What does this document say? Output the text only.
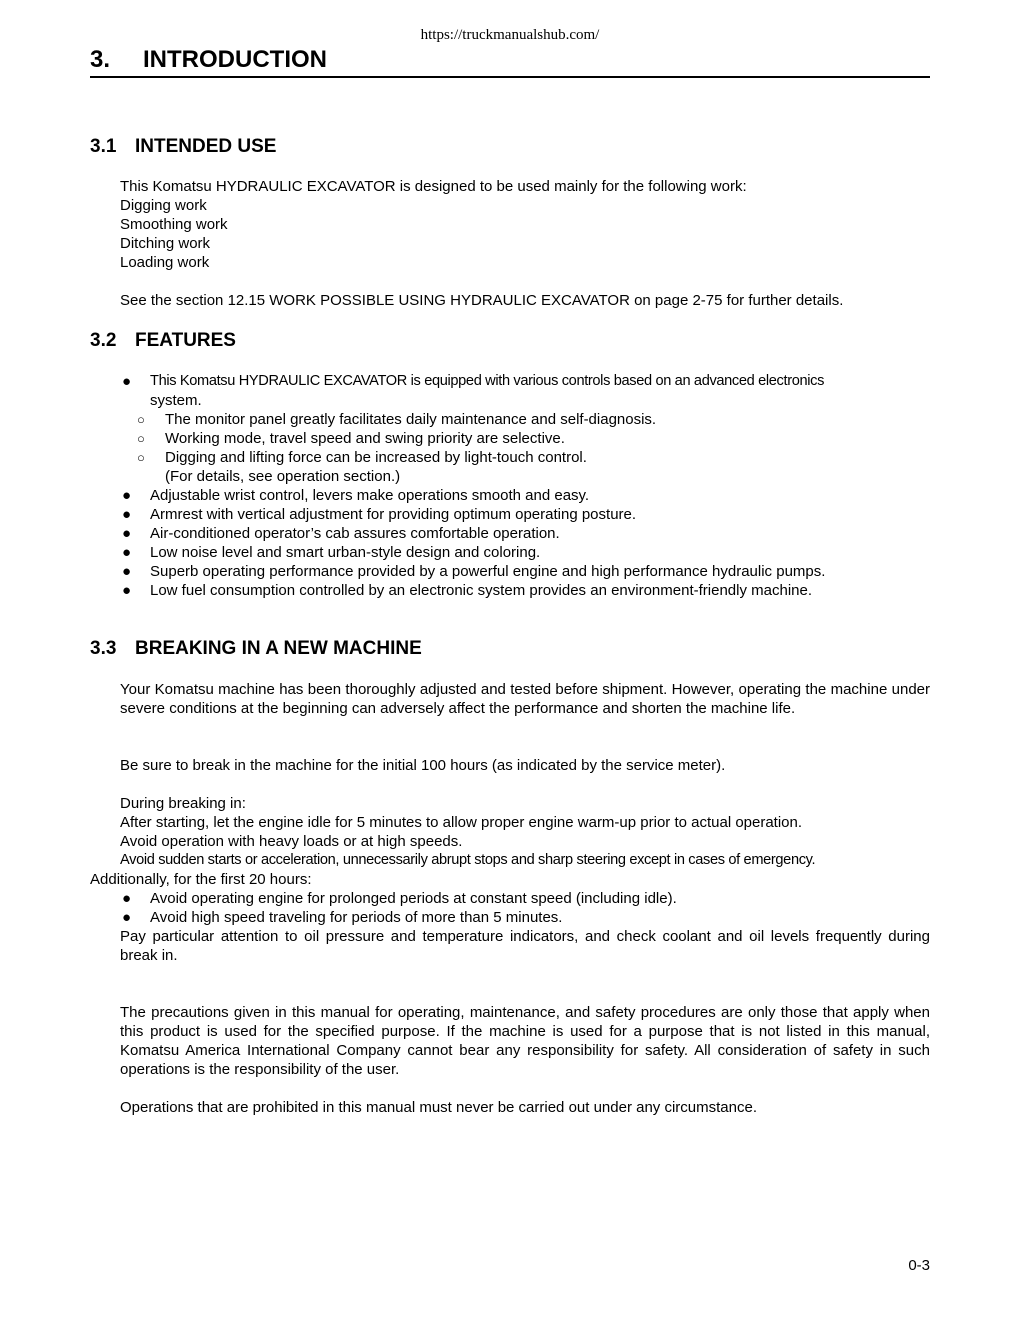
https://truckmanualshub.com/
3. INTRODUCTION
3.1 INTENDED USE
This Komatsu HYDRAULIC EXCAVATOR is designed to be used mainly for the following work:
Digging work
Smoothing work
Ditching work
Loading work
See the section 12.15 WORK POSSIBLE USING HYDRAULIC EXCAVATOR on page 2-75 for further details.
3.2 FEATURES
● This Komatsu HYDRAULIC EXCAVATOR is equipped with various controls based on an advanced electronics
system.
○ The monitor panel greatly facilitates daily maintenance and self-diagnosis.
○ Working mode, travel speed and swing priority are selective.
○ Digging and lifting force can be increased by light-touch control.
(For details, see operation section.)
● Adjustable wrist control, levers make operations smooth and easy.
● Armrest with vertical adjustment for providing optimum operating posture.
● Air-conditioned operator’s cab assures comfortable operation.
● Low noise level and smart urban-style design and coloring.
● Superb operating performance provided by a powerful engine and high performance hydraulic pumps.
● Low fuel consumption controlled by an electronic system provides an environment-friendly machine.
3.3 BREAKING IN A NEW MACHINE
Your Komatsu machine has been thoroughly adjusted and tested before shipment. However, operating the machine under severe conditions at the beginning can adversely affect the performance and shorten the machine life.
Be sure to break in the machine for the initial 100 hours (as indicated by the service meter).
During breaking in:
After starting, let the engine idle for 5 minutes to allow proper engine warm-up prior to actual operation.
Avoid operation with heavy loads or at high speeds.
Avoid sudden starts or acceleration, unnecessarily abrupt stops and sharp steering except in cases of emergency.
Additionally, for the first 20 hours:
● Avoid operating engine for prolonged periods at constant speed (including idle).
● Avoid high speed traveling for periods of more than 5 minutes.
Pay particular attention to oil pressure and temperature indicators, and check coolant and oil levels frequently during break in.
The precautions given in this manual for operating, maintenance, and safety procedures are only those that apply when this product is used for the specified purpose. If the machine is used for a purpose that is not listed in this manual, Komatsu America International Company cannot bear any responsibility for safety. All consideration of safety in such operations is the responsibility of the user.
Operations that are prohibited in this manual must never be carried out under any circumstance.
0-3
